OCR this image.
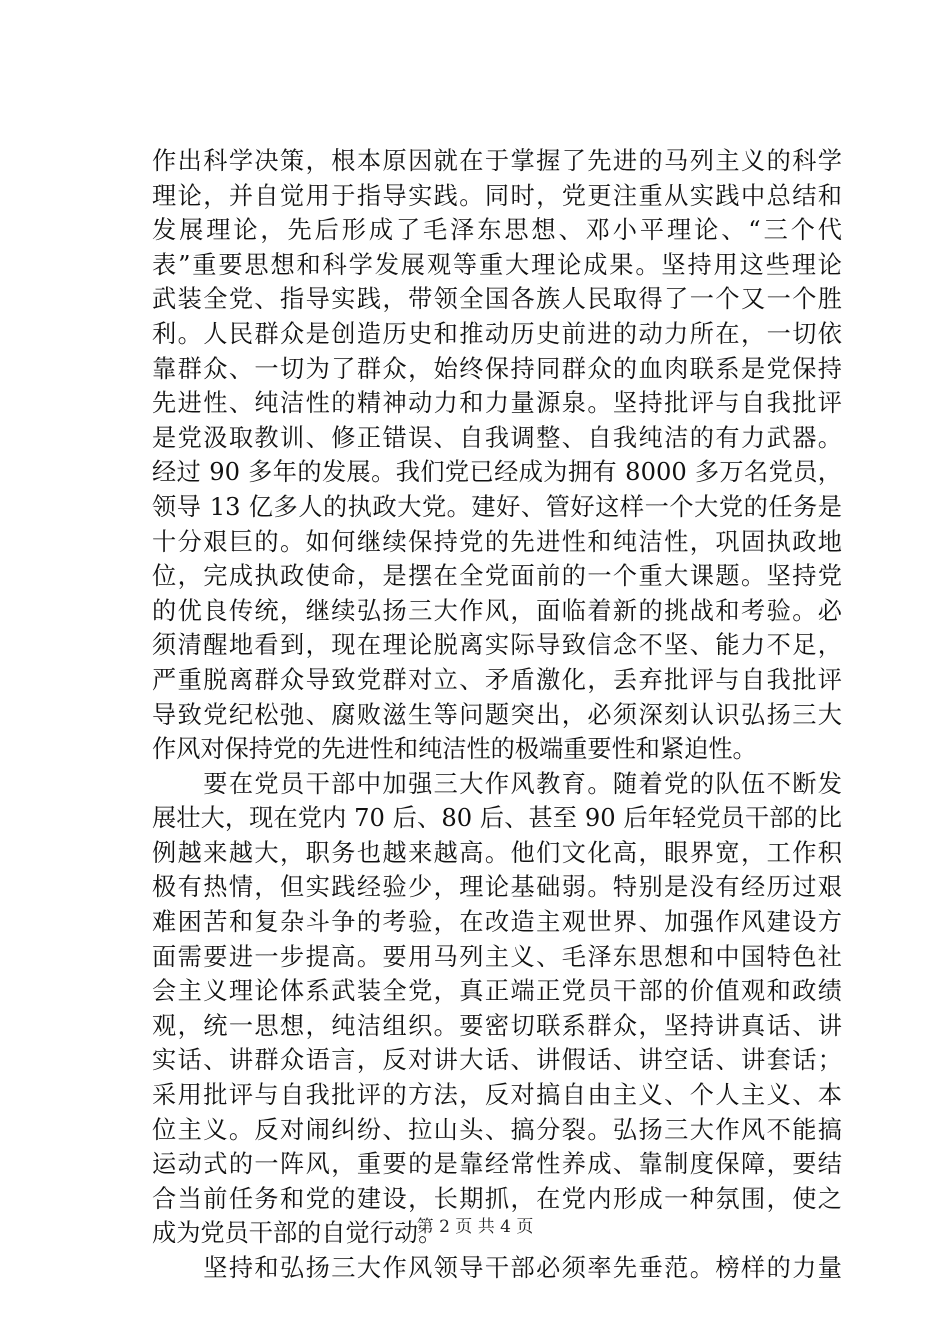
作出科学决策，根本原因就在于掌握了先进的马列主义的科学
理论，并自觉用于指导实践。同时，党更注重从实践中总结和
发展理论，先后形成了毛泽东思想、邓小平理论、“三个代
表”重要思想和科学发展观等重大理论成果。坚持用这些理论
武装全党、指导实践，带领全国各族人民取得了一个又一个胜
利。人民群众是创造历史和推动历史前进的动力所在，一切依
靠群众、一切为了群众，始终保持同群众的血肉联系是党保持
先进性、纯洁性的精神动力和力量源泉。坚持批评与自我批评
是党汲取教训、修正错误、自我调整、自我纯洁的有力武器。
经过 90 多年的发展。我们党已经成为拥有 8000 多万名党员，
领导 13 亿多人的执政大党。建好、管好这样一个大党的任务是
十分艰巨的。如何继续保持党的先进性和纯洁性，巩固执政地
位，完成执政使命，是摆在全党面前的一个重大课题。坚持党
的优良传统，继续弘扬三大作风，面临着新的挑战和考验。必
须清醒地看到，现在理论脱离实际导致信念不坚、能力不足，
严重脱离群众导致党群对立、矛盾激化，丢弃批评与自我批评
导致党纪松弛、腐败滋生等问题突出，必须深刻认识弘扬三大
作风对保持党的先进性和纯洁性的极端重要性和紧迫性。
　　要在党员干部中加强三大作风教育。随着党的队伍不断发
展壮大，现在党内 70 后、80 后、甚至 90 后年轻党员干部的比
例越来越大，职务也越来越高。他们文化高，眼界宽，工作积
极有热情，但实践经验少，理论基础弱。特别是没有经历过艰
难困苦和复杂斗争的考验，在改造主观世界、加强作风建设方
面需要进一步提高。要用马列主义、毛泽东思想和中国特色社
会主义理论体系武装全党，真正端正党员干部的价值观和政绩
观，统一思想，纯洁组织。要密切联系群众，坚持讲真话、讲
实话、讲群众语言，反对讲大话、讲假话、讲空话、讲套话；
采用批评与自我批评的方法，反对搞自由主义、个人主义、本
位主义。反对闹纠纷、拉山头、搞分裂。弘扬三大作风不能搞
运动式的一阵风，重要的是靠经常性养成、靠制度保障，要结
合当前任务和党的建设，长期抓，在党内形成一种氛围，使之
成为党员干部的自觉行动。
　　坚持和弘扬三大作风领导干部必须率先垂范。榜样的力量
第 2 页 共 4 页
